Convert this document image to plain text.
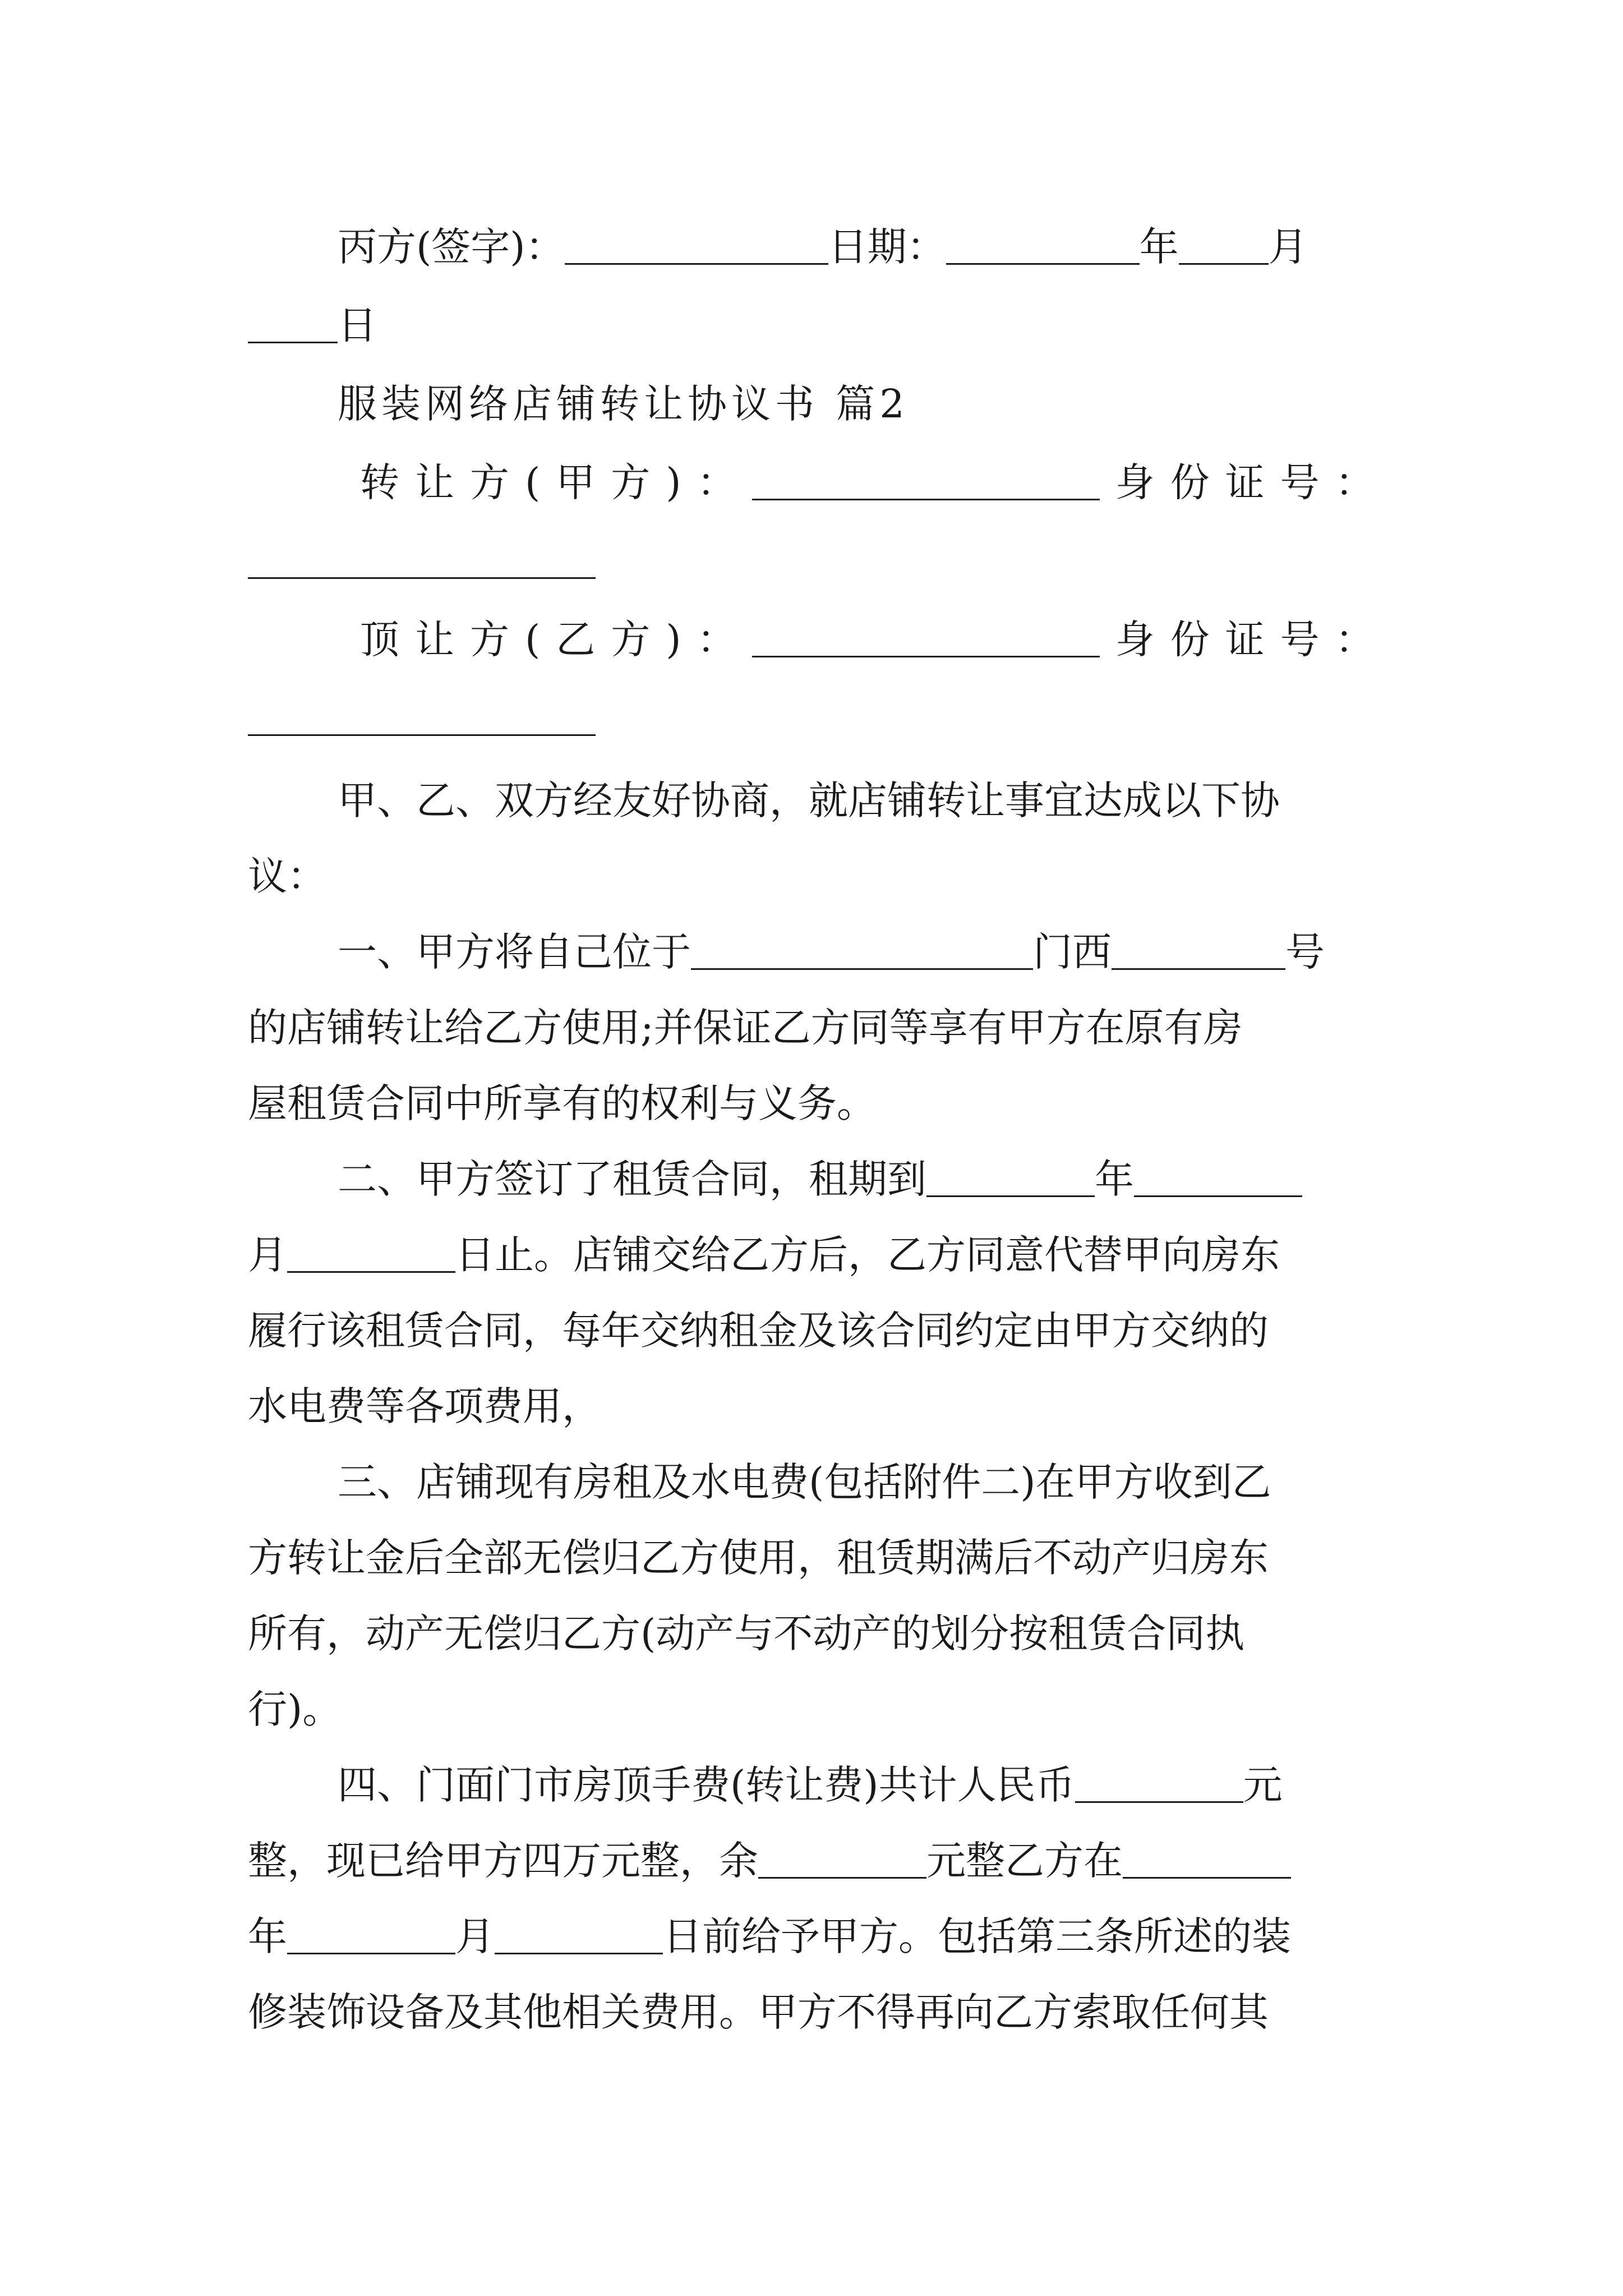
丙方(签字)：	日期：	年 月
日
服装网络店铺转让协议书 篇2
转让方(甲方)：	身份证号：
顶让方(乙方)：	身份证号：
甲、乙、双方经友好协商，就店铺转让事宜达成以下协
议：
一、甲方将自己位于	门西	号
的店铺转让给乙方使用;并保证乙方同等享有甲方在原有房
屋租赁合同中所享有的权利与义务。
二、甲方签订了租赁合同，租期到	年
月	日止。店铺交给乙方后，乙方同意代替甲向房东
履行该租赁合同，每年交纳租金及该合同约定由甲方交纳的
水电费等各项费用，
三、店铺现有房租及水电费(包括附件二)在甲方收到乙
方转让金后全部无偿归乙方使用，租赁期满后不动产归房东
所有，动产无偿归乙方(动产与不动产的划分按租赁合同执
行)。
四、门面门市房顶手费(转让费)共计人民币	元
整，现已给甲方四万元整，余	元整乙方在
年	月	日前给予甲方。包括第三条所述的装
修装饰设备及其他相关费用。甲方不得再向乙方索取任何其
